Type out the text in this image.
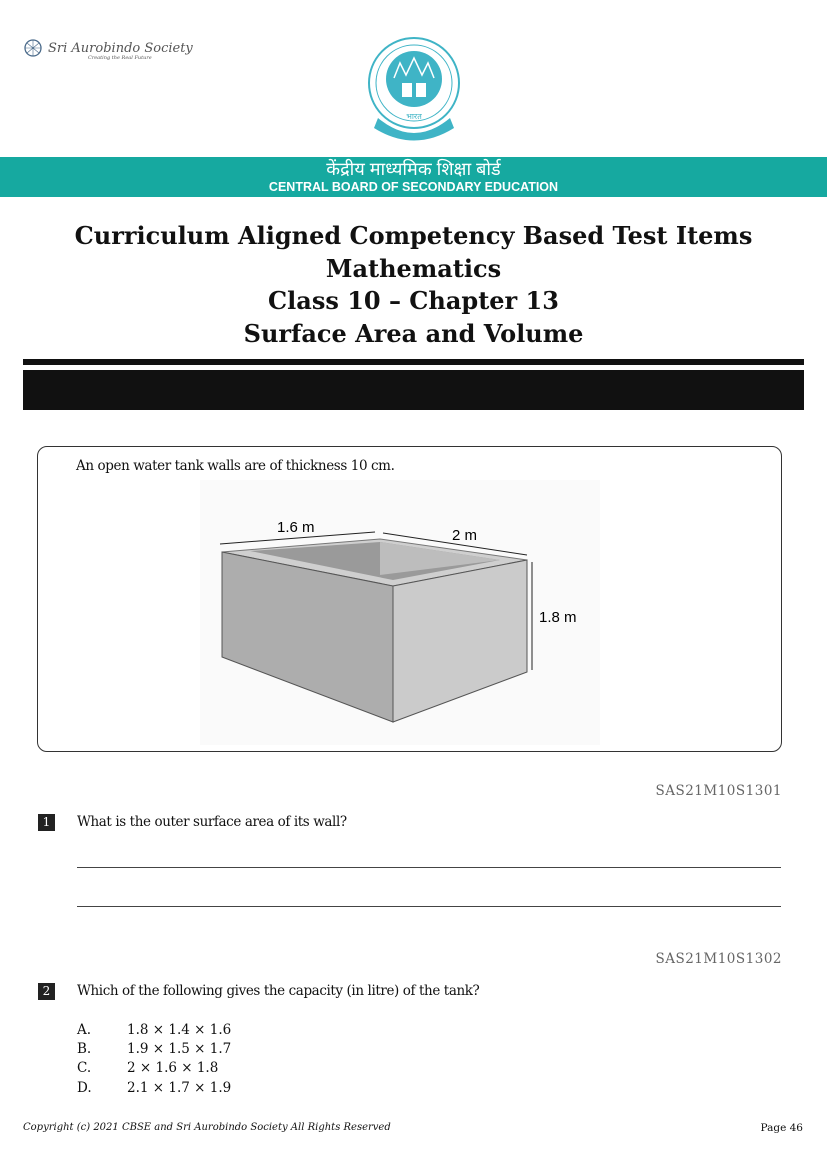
Sri Aurobindo Society
Creating the Real Future
भारत
केंद्रीय माध्यमिक शिक्षा बोर्ड
CENTRAL BOARD OF SECONDARY EDUCATION
Curriculum Aligned Competency Based Test Items
Mathematics
Class 10 – Chapter 13
Surface Area and Volume
An open water tank walls are of thickness 10 cm.
1.6 m	2 m
1.8 m
SAS21M10S1301
1	What is the outer surface area of its wall?
SAS21M10S1302
2	Which of the following gives the capacity (in litre) of the tank?
A.	1.8 × 1.4 × 1.6
B.	1.9 × 1.5 × 1.7
C.	2 × 1.6 × 1.8
D.	2.1 × 1.7 × 1.9
Copyright (c) 2021 CBSE and Sri Aurobindo Society All Rights Reserved	Page 46
